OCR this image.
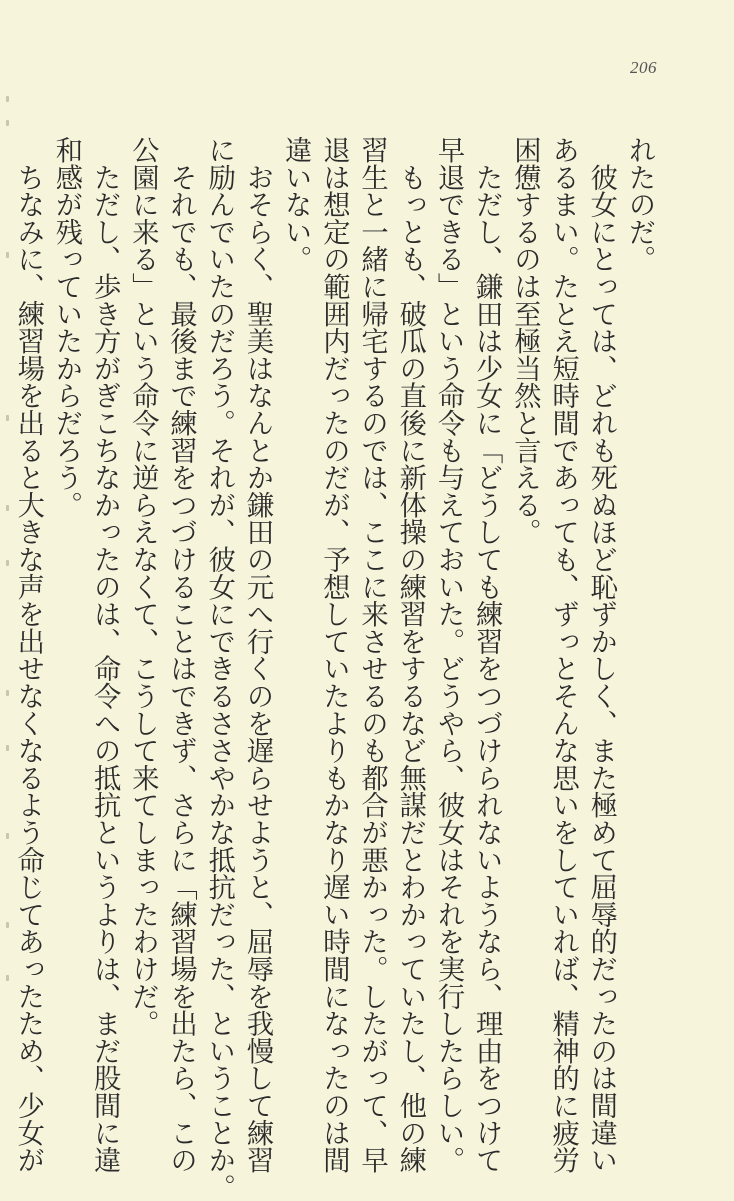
206
れたのだ。
　彼女にとっては、どれも死ぬほど恥ずかしく、また極めて屈辱的だったのは間違い
あるまい。たとえ短時間であっても、ずっとそんな思いをしていれば、精神的に疲労
困憊するのは至極当然と言える。
　ただし、鎌田は少女に「どうしても練習をつづけられないようなら、理由をつけて
早退できる」という命令も与えておいた。どうやら、彼女はそれを実行したらしい。
　もっとも、破瓜の直後に新体操の練習をするなど無謀だとわかっていたし、他の練
習生と一緒に帰宅するのでは、ここに来させるのも都合が悪かった。したがって、早
退は想定の範囲内だったのだが、予想していたよりもかなり遅い時間になったのは間
違いない。
　おそらく、聖美はなんとか鎌田の元へ行くのを遅らせようと、屈辱を我慢して練習
に励んでいたのだろう。それが、彼女にできるささやかな抵抗だった、ということか。
　それでも、最後まで練習をつづけることはできず、さらに「練習場を出たら、この
公園に来る」という命令に逆らえなくて、こうして来てしまったわけだ。
　ただし、歩き方がぎこちなかったのは、命令への抵抗というよりは、まだ股間に違
和感が残っていたからだろう。
　ちなみに、練習場を出ると大きな声を出せなくなるよう命じてあったため、少女が
